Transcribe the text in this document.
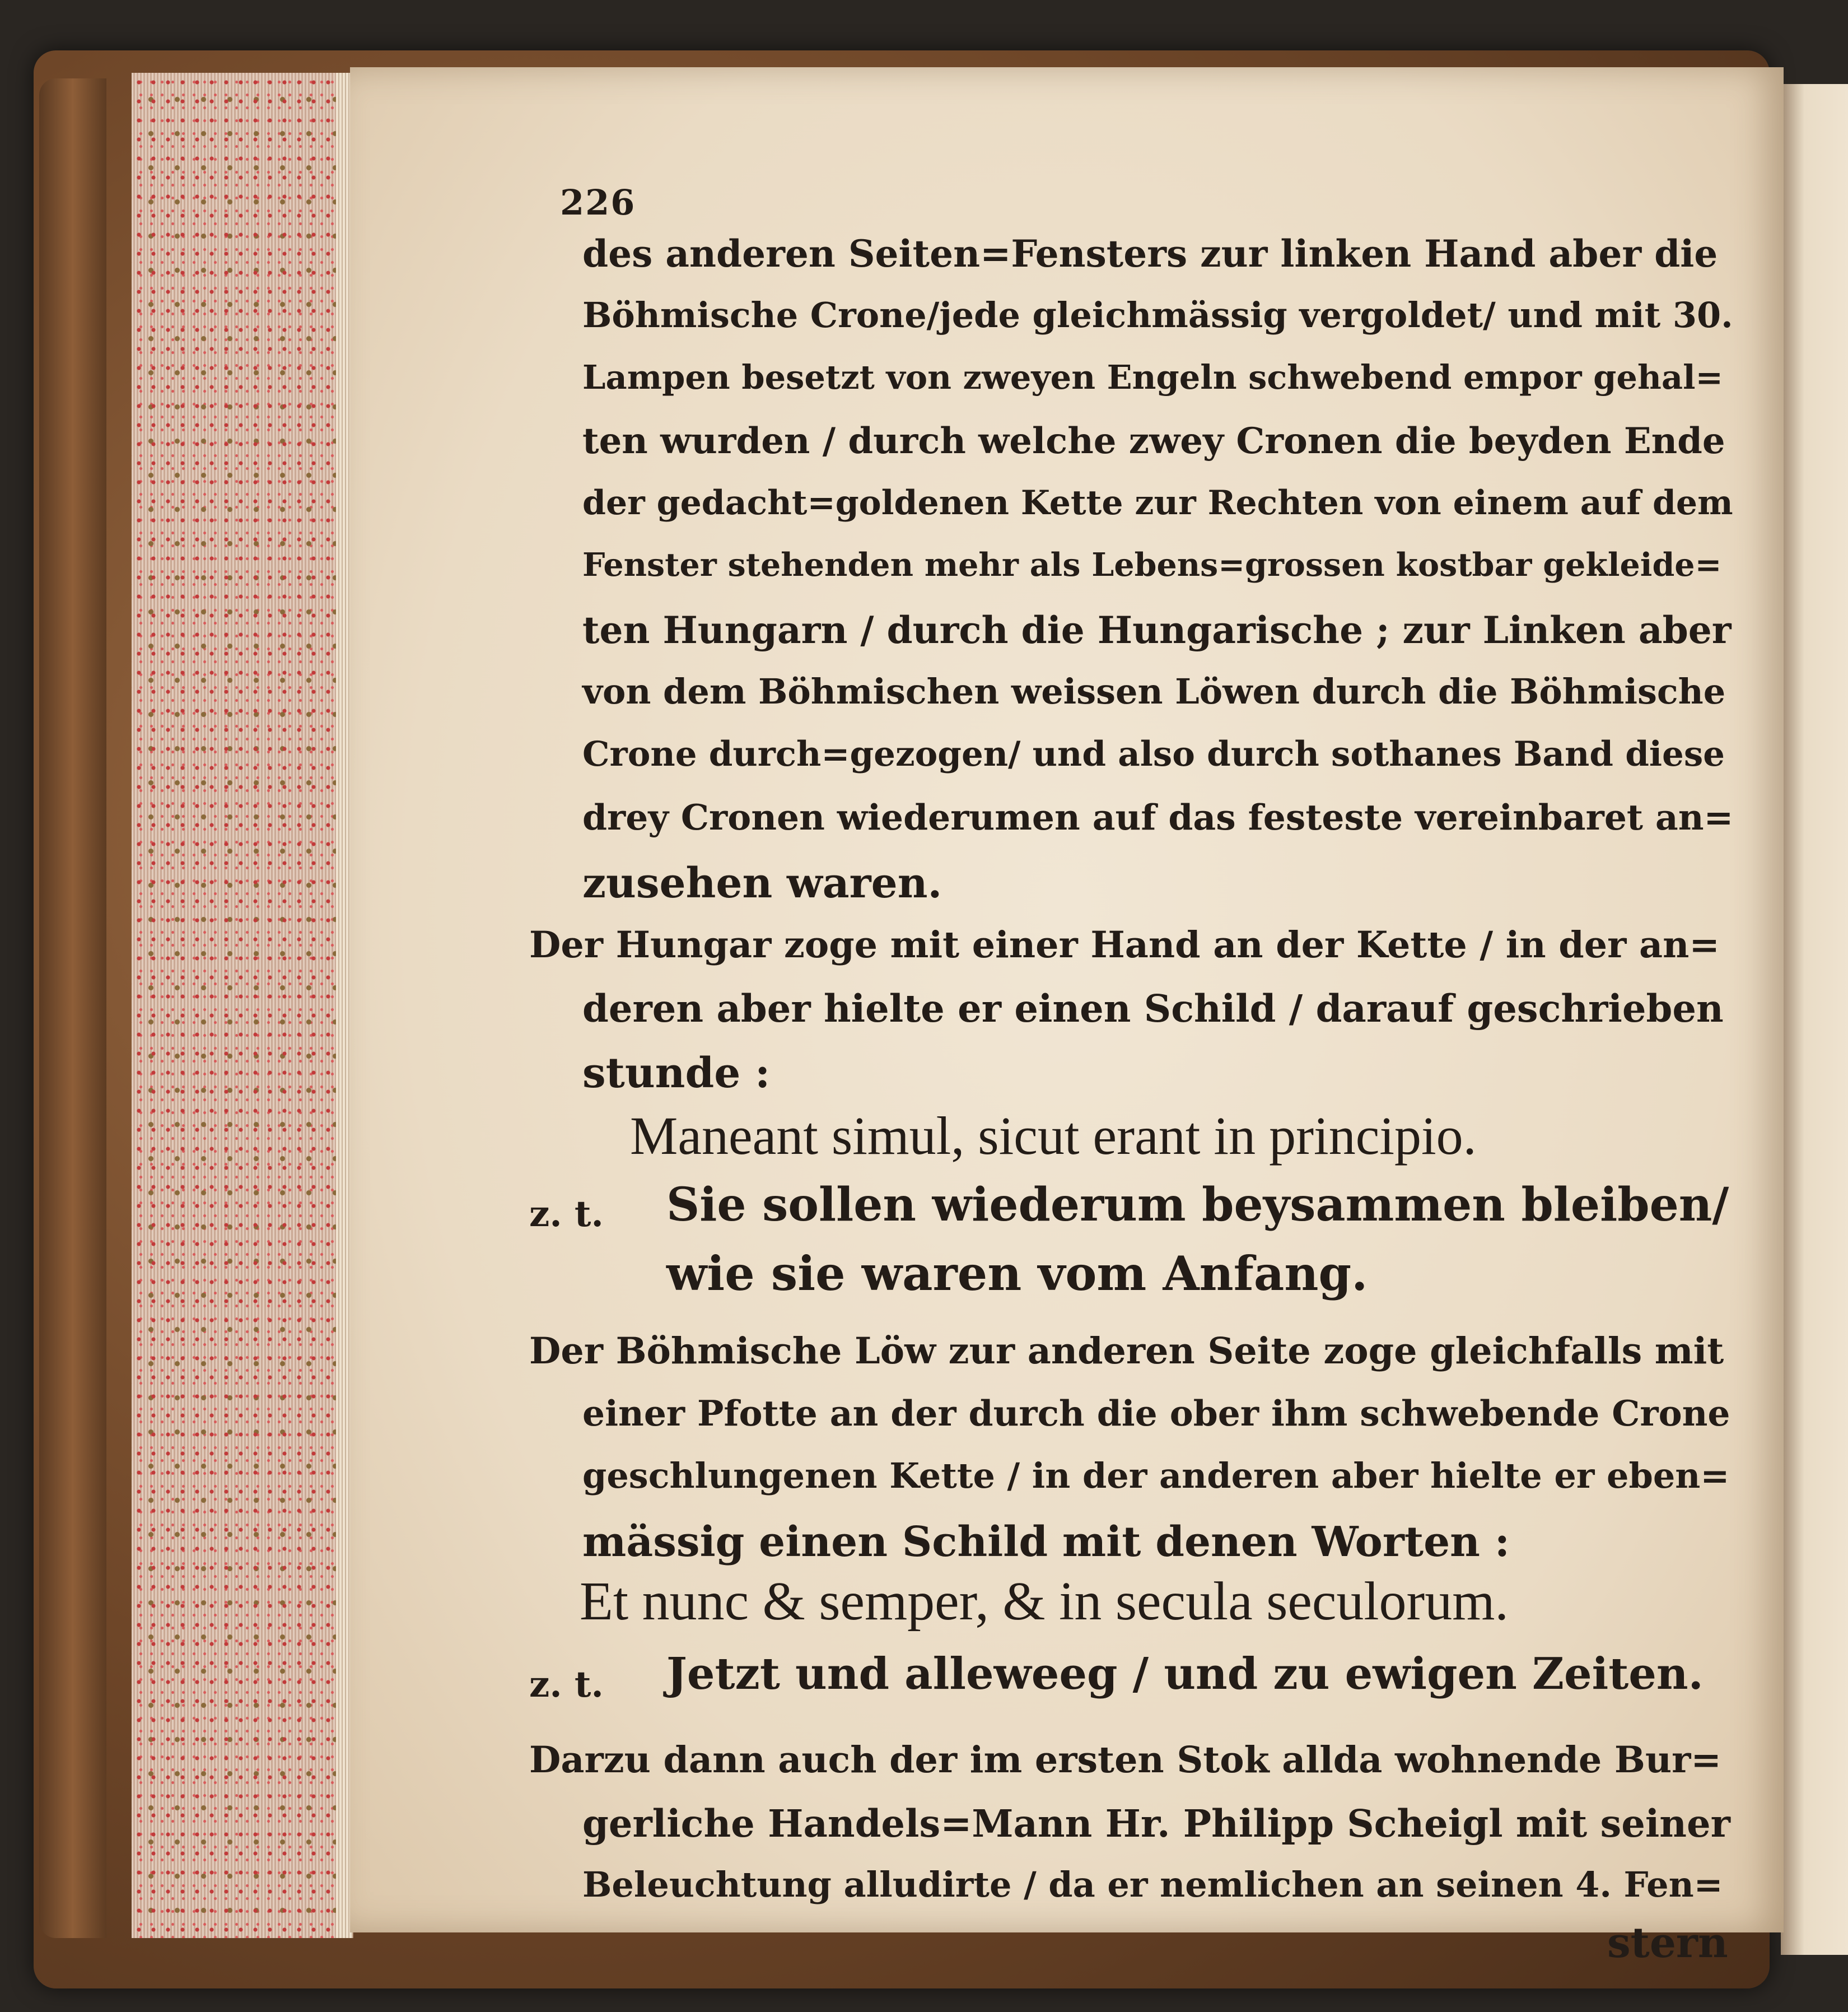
226
des anderen Seiten=Fensters zur linken Hand aber die
Böhmische Crone/jede gleichmässig vergoldet/ und mit 30.
Lampen besetzt von zweyen Engeln schwebend empor gehal=
ten wurden / durch welche zwey Cronen die beyden Ende
der gedacht=goldenen Kette zur Rechten von einem auf dem
Fenster stehenden mehr als Lebens=grossen kostbar gekleide=
ten Hungarn / durch die Hungarische ; zur Linken aber
von dem Böhmischen weissen Löwen durch die Böhmische
Crone durch=gezogen/ und also durch sothanes Band diese
drey Cronen wiederumen auf das festeste vereinbaret an=
zusehen waren.
Der Hungar zoge mit einer Hand an der Kette / in der an=
deren aber hielte er einen Schild / darauf geschrieben
stunde :
Maneant simul, sicut erant in principio.
z. t. Sie sollen wiederum beysammen bleiben/
wie sie waren vom Anfang.
Der Böhmische Löw zur anderen Seite zoge gleichfalls mit
einer Pfotte an der durch die ober ihm schwebende Crone
geschlungenen Kette / in der anderen aber hielte er eben=
mässig einen Schild mit denen Worten :
Et nunc & semper, & in secula seculorum.
z. t. Jetzt und alleweeg / und zu ewigen Zeiten.
Darzu dann auch der im ersten Stok allda wohnende Bur=
gerliche Handels=Mann Hr. Philipp Scheigl mit seiner
Beleuchtung alludirte / da er nemlichen an seinen 4. Fen=
stern
